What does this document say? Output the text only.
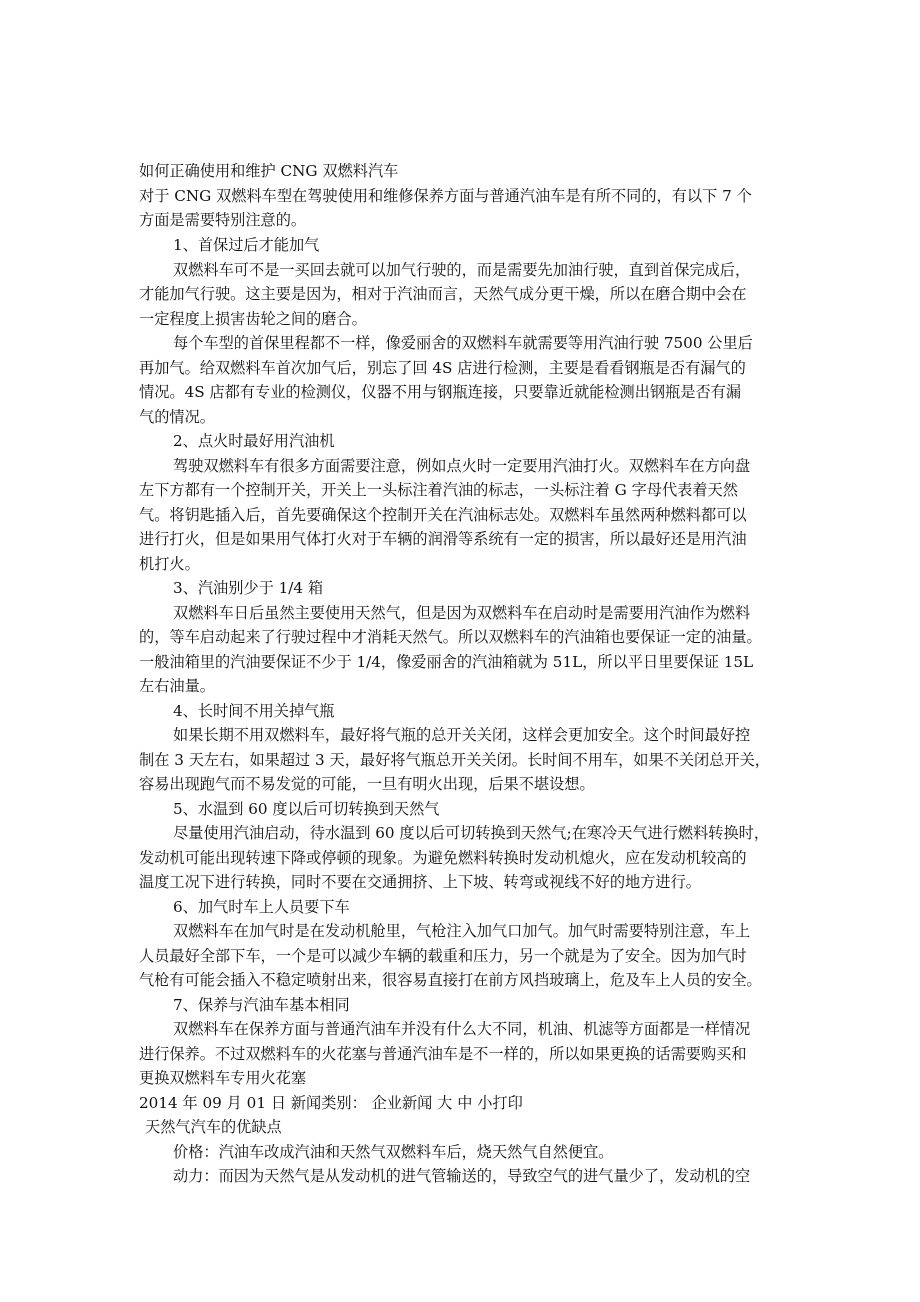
如何正确使用和维护 CNG 双燃料汽车
对于 CNG 双燃料车型在驾驶使用和维修保养方面与普通汽油车是有所不同的，有以下 7 个
方面是需要特别注意的。
1、首保过后才能加气
双燃料车可不是一买回去就可以加气行驶的，而是需要先加油行驶，直到首保完成后，
才能加气行驶。这主要是因为，相对于汽油而言，天然气成分更干燥，所以在磨合期中会在
一定程度上损害齿轮之间的磨合。
每个车型的首保里程都不一样，像爱丽舍的双燃料车就需要等用汽油行驶 7500 公里后
再加气。给双燃料车首次加气后，别忘了回 4S 店进行检测，主要是看看钢瓶是否有漏气的
情况。4S 店都有专业的检测仪，仪器不用与钢瓶连接，只要靠近就能检测出钢瓶是否有漏
气的情况。
2、点火时最好用汽油机
驾驶双燃料车有很多方面需要注意，例如点火时一定要用汽油打火。双燃料车在方向盘
左下方都有一个控制开关，开关上一头标注着汽油的标志，一头标注着 G 字母代表着天然
气。将钥匙插入后，首先要确保这个控制开关在汽油标志处。双燃料车虽然两种燃料都可以
进行打火，但是如果用气体打火对于车辆的润滑等系统有一定的损害，所以最好还是用汽油
机打火。
3、汽油别少于 1/4 箱
双燃料车日后虽然主要使用天然气，但是因为双燃料车在启动时是需要用汽油作为燃料
的，等车启动起来了行驶过程中才消耗天然气。所以双燃料车的汽油箱也要保证一定的油量。
一般油箱里的汽油要保证不少于 1/4，像爱丽舍的汽油箱就为 51L，所以平日里要保证 15L
左右油量。
4、长时间不用关掉气瓶
如果长期不用双燃料车，最好将气瓶的总开关关闭，这样会更加安全。这个时间最好控
制在 3 天左右，如果超过 3 天，最好将气瓶总开关关闭。长时间不用车，如果不关闭总开关，
容易出现跑气而不易发觉的可能，一旦有明火出现，后果不堪设想。
5、水温到 60 度以后可切转换到天然气
尽量使用汽油启动，待水温到 60 度以后可切转换到天然气;在寒冷天气进行燃料转换时，
发动机可能出现转速下降或停顿的现象。为避免燃料转换时发动机熄火，应在发动机较高的
温度工况下进行转换，同时不要在交通拥挤、上下坡、转弯或视线不好的地方进行。
6、加气时车上人员要下车
双燃料车在加气时是在发动机舱里，气枪注入加气口加气。加气时需要特别注意，车上
人员最好全部下车，一个是可以减少车辆的载重和压力，另一个就是为了安全。因为加气时
气枪有可能会插入不稳定喷射出来，很容易直接打在前方风挡玻璃上，危及车上人员的安全。
7、保养与汽油车基本相同
双燃料车在保养方面与普通汽油车并没有什么大不同，机油、机滤等方面都是一样情况
进行保养。不过双燃料车的火花塞与普通汽油车是不一样的，所以如果更换的话需要购买和
更换双燃料车专用火花塞
2014 年 09 月 01 日 新闻类别： 企业新闻 大 中 小打印
天然气汽车的优缺点
价格：汽油车改成汽油和天然气双燃料车后，烧天然气自然便宜。
动力：而因为天然气是从发动机的进气管输送的，导致空气的进气量少了，发动机的空
